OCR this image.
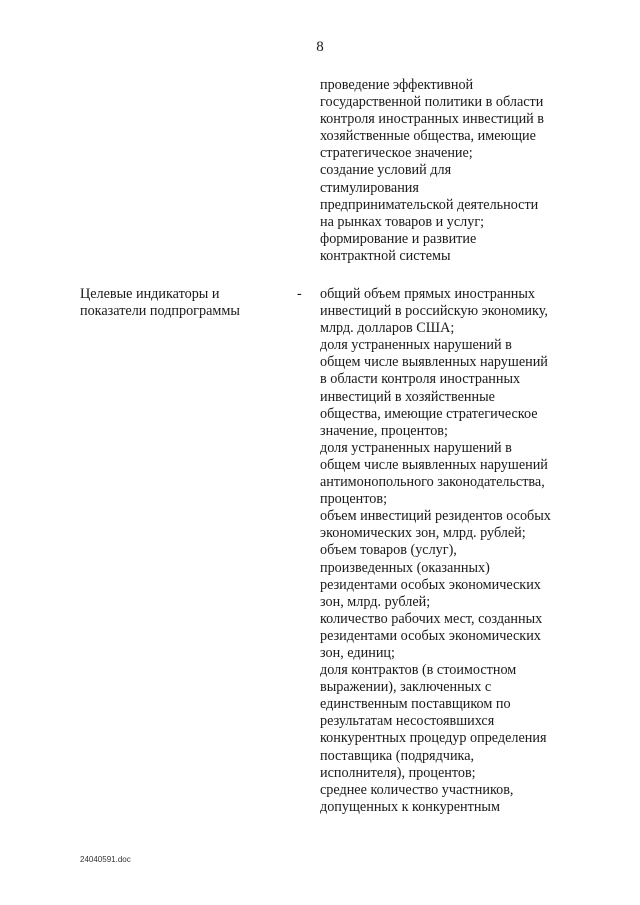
8
проведение эффективной
государственной политики в области
контроля иностранных инвестиций в
хозяйственные общества, имеющие
стратегическое значение;
создание условий для
стимулирования
предпринимательской деятельности
на рынках товаров и услуг;
формирование и развитие
контрактной системы
Целевые индикаторы и
показатели подпрограммы
- общий объем прямых иностранных
инвестиций в российскую экономику,
млрд. долларов США;
доля устраненных нарушений в
общем числе выявленных нарушений
в области контроля иностранных
инвестиций в хозяйственные
общества, имеющие стратегическое
значение, процентов;
доля устраненных нарушений в
общем числе выявленных нарушений
антимонопольного законодательства,
процентов;
объем инвестиций резидентов особых
экономических зон, млрд. рублей;
объем товаров (услуг),
произведенных (оказанных)
резидентами особых экономических
зон, млрд. рублей;
количество рабочих мест, созданных
резидентами особых экономических
зон, единиц;
доля контрактов (в стоимостном
выражении), заключенных с
единственным поставщиком по
результатам несостоявшихся
конкурентных процедур определения
поставщика (подрядчика,
исполнителя), процентов;
среднее количество участников,
допущенных к конкурентным
24040591.doc
